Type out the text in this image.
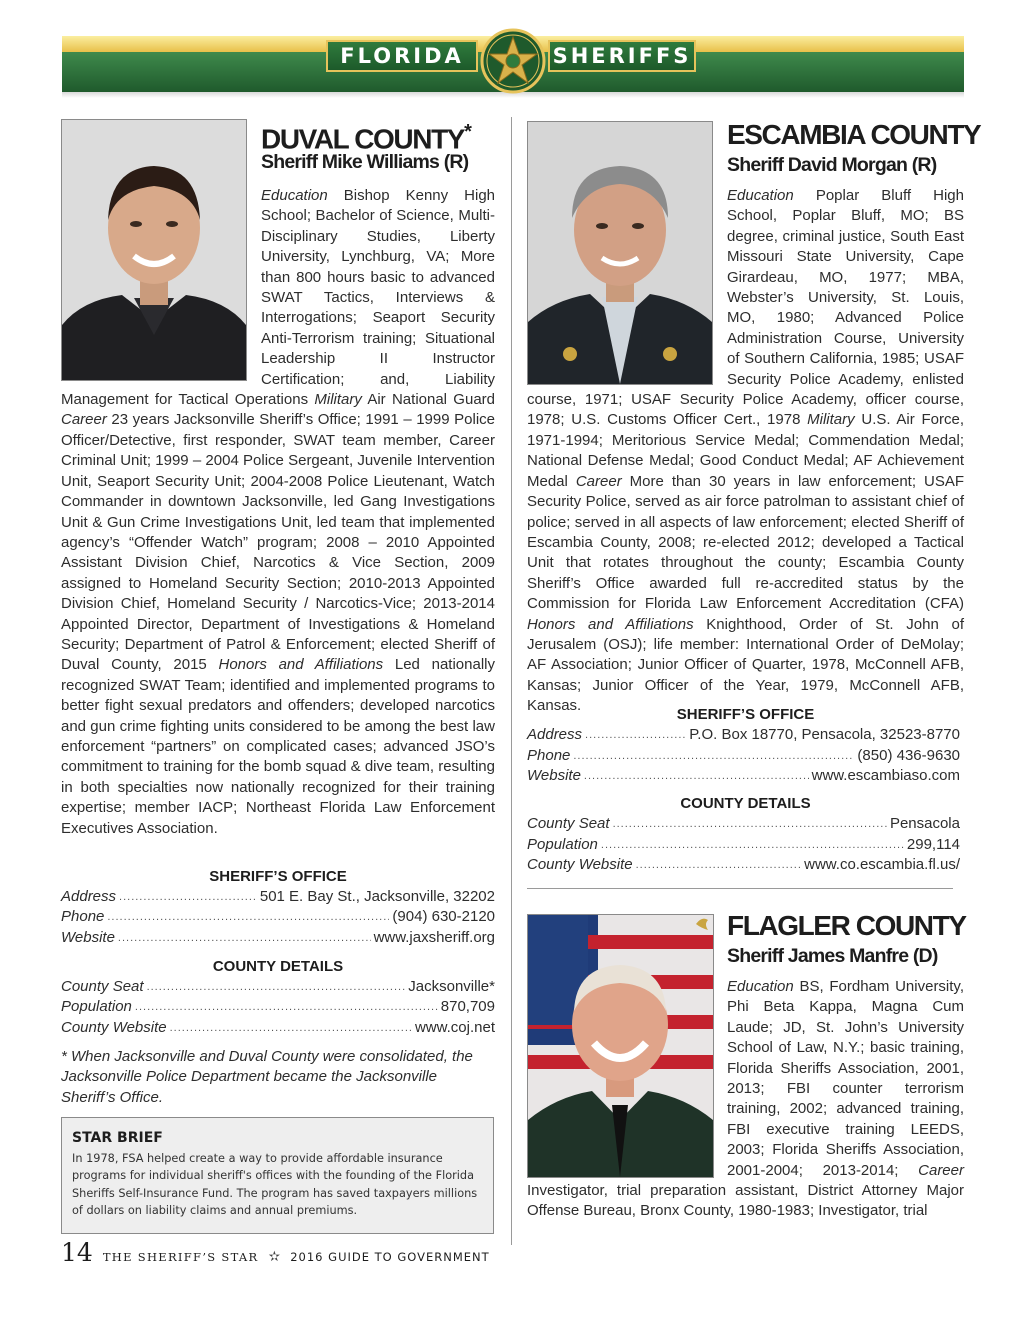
FLORIDA	SHERIFFS
DUVAL COUNTY*
Sheriff Mike Williams (R)

Education Bishop Kenny High School; Bachelor of Science, Multi-Disciplinary Studies, Liberty University, Lynchburg, VA; More than 800 hours basic to advanced SWAT Tactics, Interviews & Interrogations; Seaport Security Anti-Terrorism training; Situational Leadership II Instructor Certification; and, Liability Management for Tactical Operations Military Air National Guard Career 23 years Jacksonville Sheriff’s Office; 1991 – 1999 Police Officer/Detective, first responder, SWAT team member, Career Criminal Unit; 1999 – 2004 Police Sergeant, Juvenile Intervention Unit, Seaport Security Unit; 2004-2008 Police Lieutenant, Watch Commander in downtown Jacksonville, led Gang Investigations Unit & Gun Crime Investigations Unit, led team that implemented agency’s “Offender Watch” program; 2008 – 2010 Appointed Assistant Division Chief, Narcotics & Vice Section, 2009 assigned to Homeland Security Section; 2010-2013 Appointed Division Chief, Homeland Security / Narcotics-Vice; 2013-2014 Appointed Director, Department of Investigations & Homeland Security; Department of Patrol & Enforcement; elected Sheriff of Duval County, 2015 Honors and Affiliations Led nationally recognized SWAT Team; identified and implemented programs to better fight sexual predators and offenders; developed narcotics and gun crime fighting units considered to be among the best law enforcement “partners” on complicated cases; advanced JSO’s commitment to training for the bomb squad & dive team, resulting in both specialties now nationally recognized for their training expertise; member IACP; Northeast Florida Law Enforcement Executives Association.

SHERIFF’S OFFICE
Address .....	501 E. Bay St., Jacksonville, 32202
Phone .....	(904) 630-2120
Website .....	www.jaxsheriff.org
COUNTY DETAILS
County Seat .....	Jacksonville*
Population .....	870,709
County Website .....	www.coj.net
* When Jacksonville and Duval County were consolidated, the Jacksonville Police Department became the Jacksonville Sheriff’s Office.
STAR BRIEF
In 1978, FSA helped create a way to provide affordable insurance programs for individual sheriff's offices with the founding of the Florida Sheriffs Self-Insurance Fund. The program has saved taxpayers millions of dollars on liability claims and annual premiums.
14 THE SHERIFF’S STAR ✫ 2016 GUIDE TO GOVERNMENT
ESCAMBIA COUNTY
Sheriff David Morgan (R)

Education Poplar Bluff High School, Poplar Bluff, MO; BS degree, criminal justice, South East Missouri State University, Cape Girardeau, MO, 1977; MBA, Webster’s University, St. Louis, MO, 1980; Advanced Police Administration Course, University of Southern California, 1985; USAF Security Police Academy, enlisted course, 1971; USAF Security Police Academy, officer course, 1978; U.S. Customs Officer Cert., 1978 Military U.S. Air Force, 1971-1994; Meritorious Service Medal; Commendation Medal; National Defense Medal; Good Conduct Medal; AF Achievement Medal Career More than 30 years in law enforcement; USAF Security Police, served as air force patrolman to assistant chief of police; served in all aspects of law enforcement; elected Sheriff of Escambia County, 2008; re-elected 2012; developed a Tactical Unit that rotates throughout the county; Escambia County Sheriff’s Office awarded full re-accredited status by the Commission for Florida Law Enforcement Accreditation (CFA) Honors and Affiliations Knighthood, Order of St. John of Jerusalem (OSJ); life member: International Order of DeMolay; AF Association; Junior Officer of Quarter, 1978, McConnell AFB, Kansas; Junior Officer of the Year, 1979, McConnell AFB, Kansas.

SHERIFF’S OFFICE
Address .....	P.O. Box 18770, Pensacola, 32523-8770
Phone .....	(850) 436-9630
Website .....	www.escambiaso.com
COUNTY DETAILS
County Seat .....	Pensacola
Population .....	299,114
County Website .....	www.co.escambia.fl.us/
FLAGLER COUNTY
Sheriff James Manfre (D)

Education BS, Fordham University, Phi Beta Kappa, Magna Cum Laude; JD, St. John’s University School of Law, N.Y.; basic training, Florida Sheriffs Association, 2001, 2013; FBI counter terrorism training, 2002; advanced training, FBI executive training LEEDS, 2003; Florida Sheriffs Association, 2001-2004; 2013-2014; Career Investigator, trial preparation assistant, District Attorney Major Offense Bureau, Bronx County, 1980-1983; Investigator, trial
